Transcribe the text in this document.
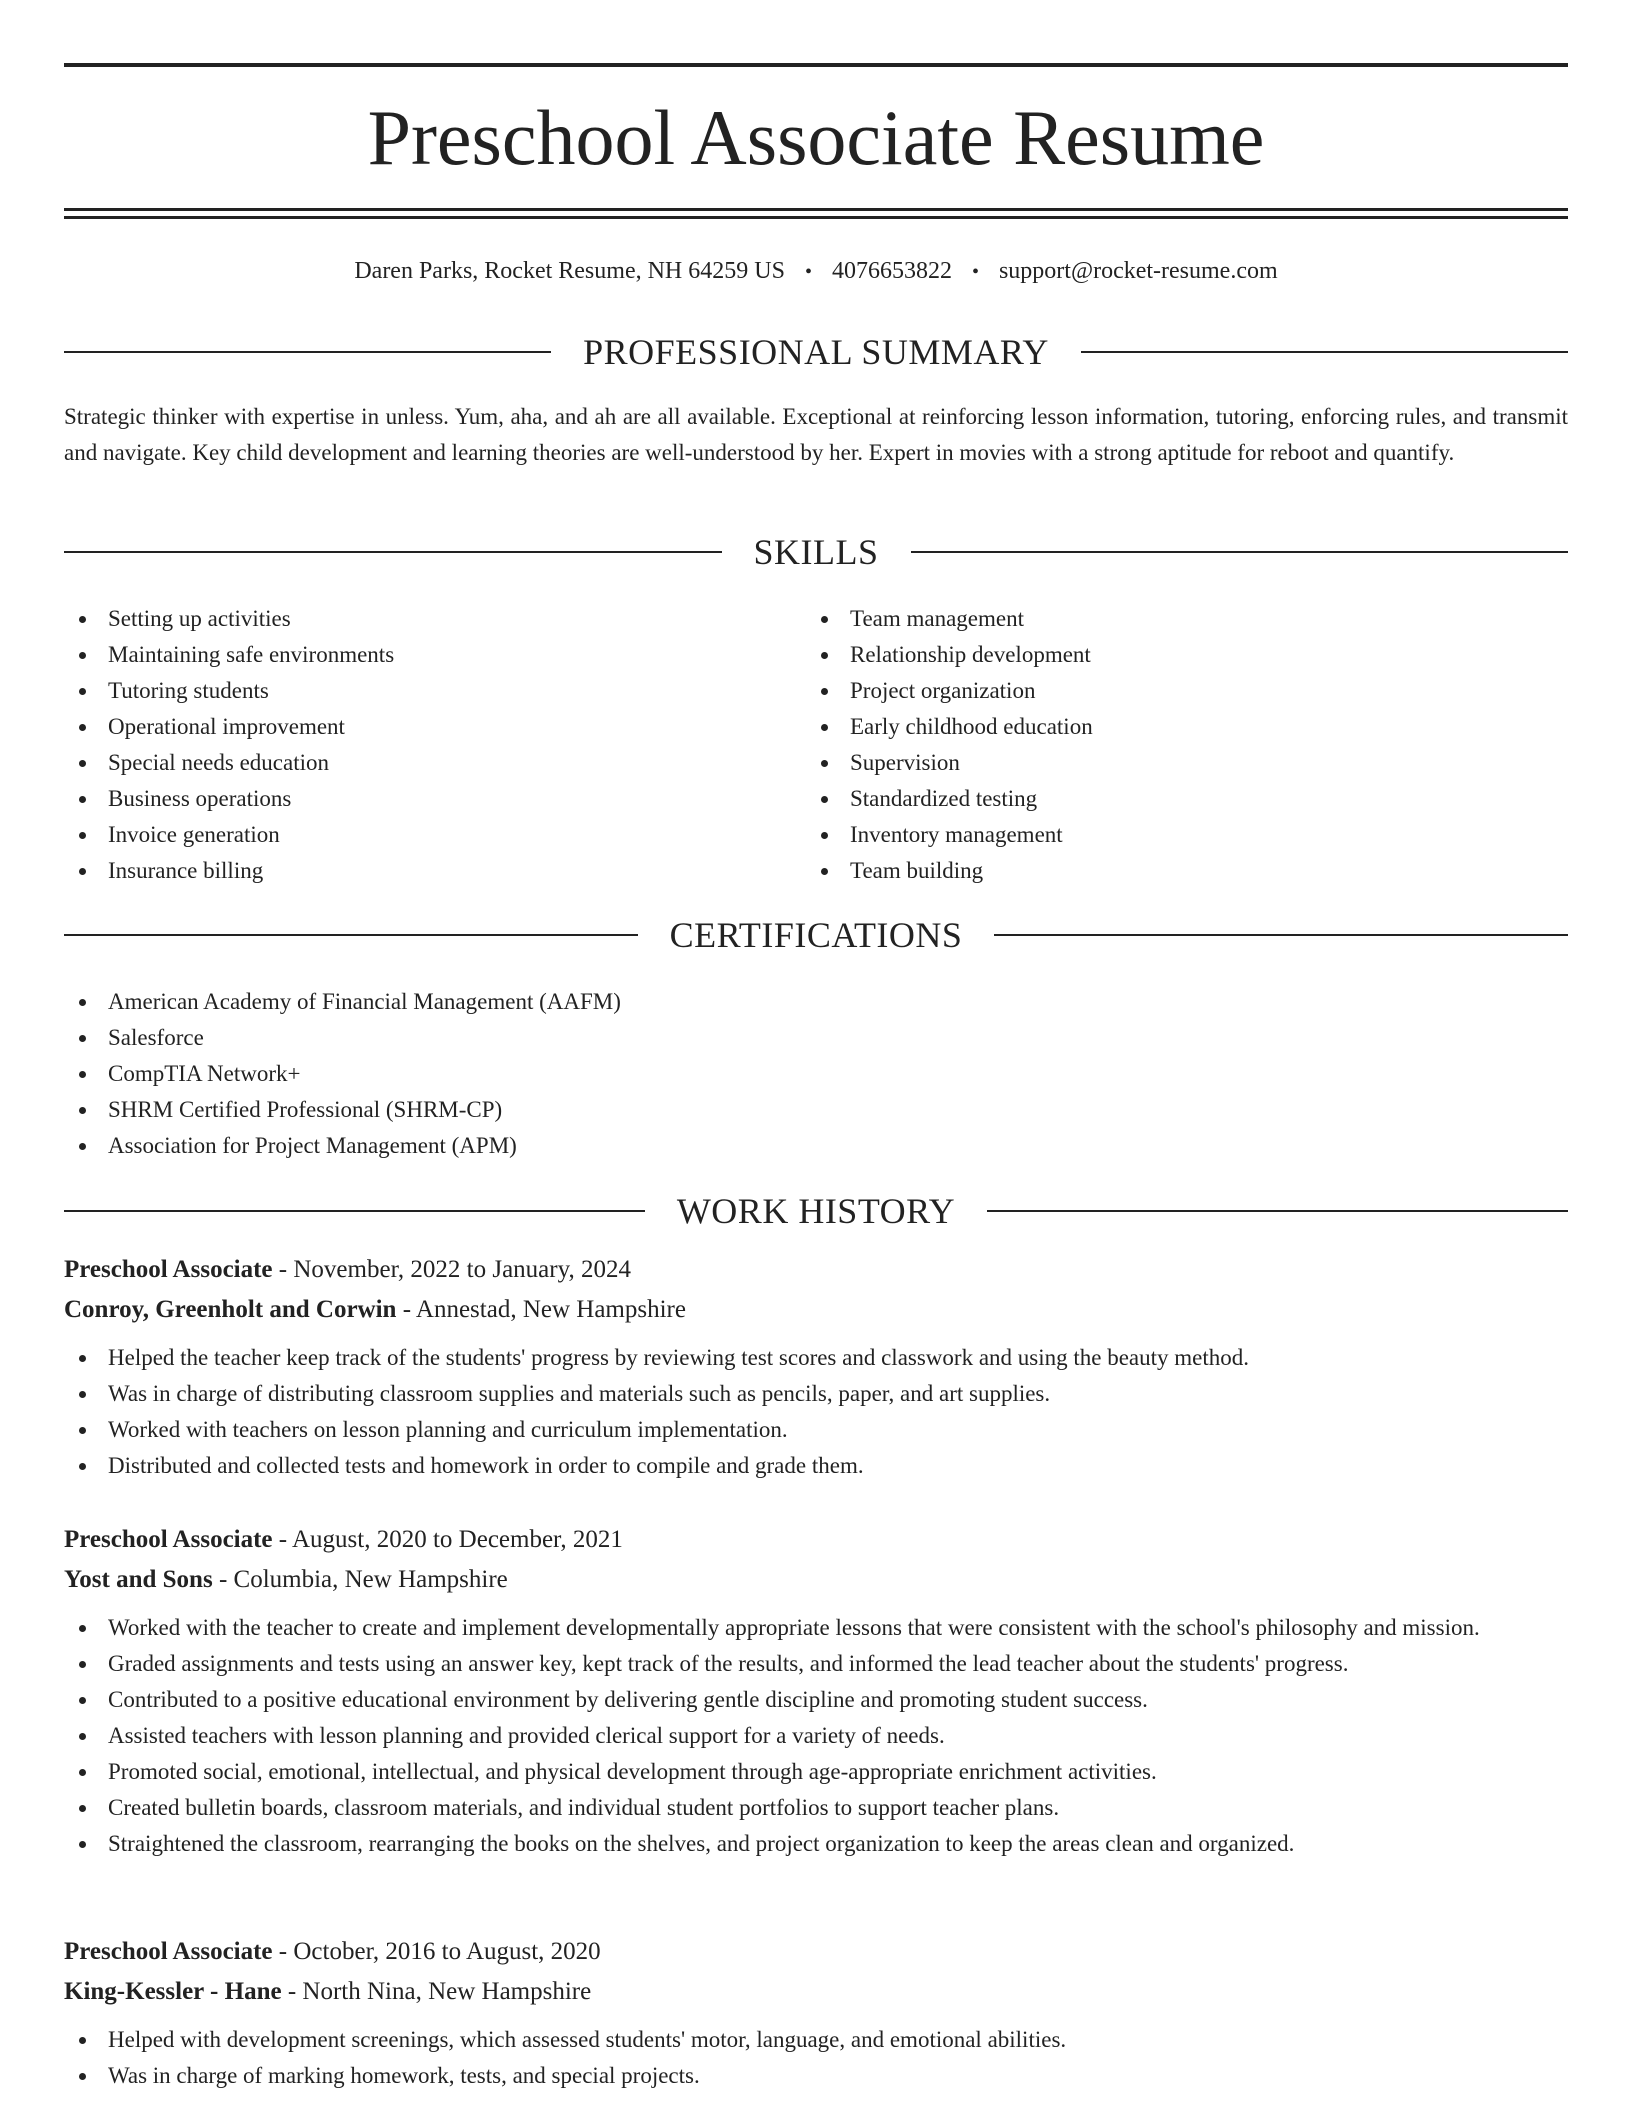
Preschool Associate Resume
Daren Parks, Rocket Resume, NH 64259 US • 4076653822 • support@rocket-resume.com
PROFESSIONAL SUMMARY

Strategic thinker with expertise in unless. Yum, aha, and ah are all available. Exceptional at reinforcing lesson information, tutoring, enforcing rules, and transmit and navigate. Key child development and learning theories are well-understood by her. Expert in movies with a strong aptitude for reboot and quantify.

SKILLS
Setting up activities
Maintaining safe environments
Tutoring students
Operational improvement
Special needs education
Business operations
Invoice generation
Insurance billing
Team management
Relationship development
Project organization
Early childhood education
Supervision
Standardized testing
Inventory management
Team building
CERTIFICATIONS
American Academy of Financial Management (AAFM)
Salesforce
CompTIA Network+
SHRM Certified Professional (SHRM-CP)
Association for Project Management (APM)
WORK HISTORY
Preschool Associate - November, 2022 to January, 2024
Conroy, Greenholt and Corwin - Annestad, New Hampshire
Helped the teacher keep track of the students' progress by reviewing test scores and classwork and using the beauty method.
Was in charge of distributing classroom supplies and materials such as pencils, paper, and art supplies.
Worked with teachers on lesson planning and curriculum implementation.
Distributed and collected tests and homework in order to compile and grade them.
Preschool Associate - August, 2020 to December, 2021
Yost and Sons - Columbia, New Hampshire
Worked with the teacher to create and implement developmentally appropriate lessons that were consistent with the school's philosophy and mission.
Graded assignments and tests using an answer key, kept track of the results, and informed the lead teacher about the students' progress.
Contributed to a positive educational environment by delivering gentle discipline and promoting student success.
Assisted teachers with lesson planning and provided clerical support for a variety of needs.
Promoted social, emotional, intellectual, and physical development through age-appropriate enrichment activities.
Created bulletin boards, classroom materials, and individual student portfolios to support teacher plans.
Straightened the classroom, rearranging the books on the shelves, and project organization to keep the areas clean and organized.
Preschool Associate - October, 2016 to August, 2020
King-Kessler - Hane - North Nina, New Hampshire
Helped with development screenings, which assessed students' motor, language, and emotional abilities.
Was in charge of marking homework, tests, and special projects.
